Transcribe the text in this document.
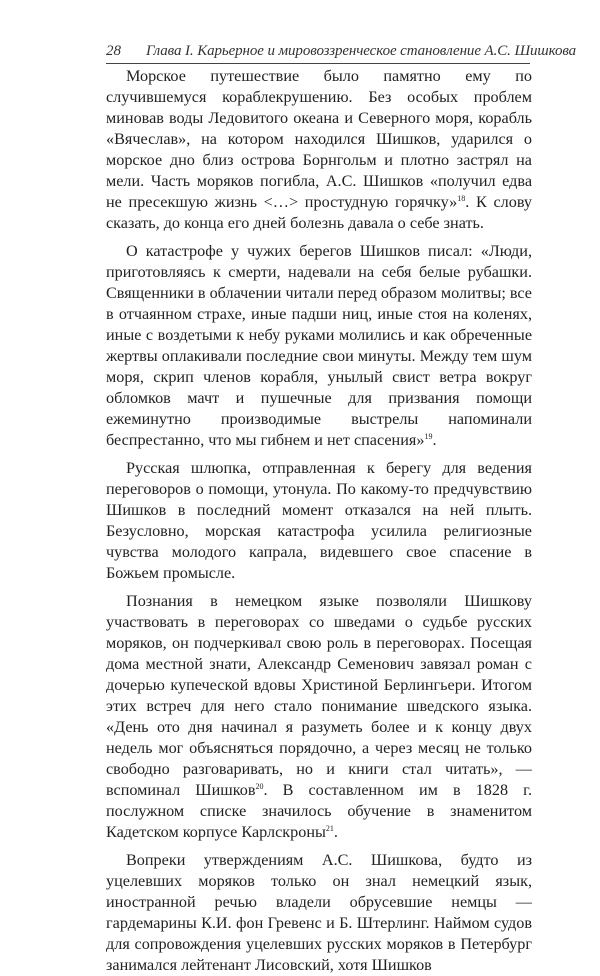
28 Глава I. Карьерное и мировоззренческое становление А.С. Шишкова

Морское путешествие было памятно ему по случившемуся кораблекрушению. Без особых проблем миновав воды Ледовитого океана и Северного моря, корабль «Вячеслав», на котором находился Шишков, ударился о морское дно близ острова Борнгольм и плотно застрял на мели. Часть моряков погибла, А.С. Шишков «получил едва не пресекшую жизнь <…> простудную горячку»$^{18}$. К слову сказать, до конца его дней болезнь давала о себе знать.

О катастрофе у чужих берегов Шишков писал: «Люди, приготовляясь к смерти, надевали на себя белые рубашки. Священники в облачении читали перед образом молитвы; все в отчаянном страхе, иные падши ниц, иные стоя на коленях, иные с воздетыми к небу руками молились и как обреченные жертвы оплакивали последние свои минуты. Между тем шум моря, скрип членов корабля, унылый свист ветра вокруг обломков мачт и пушечные для призвания помощи ежеминутно производимые выстрелы напоминали беспрестанно, что мы гибнем и нет спасения»$^{19}$.

Русская шлюпка, отправленная к берегу для ведения переговоров о помощи, утонула. По какому-то предчувствию Шишков в последний момент отказался на ней плыть. Безусловно, морская катастрофа усилила религиозные чувства молодого капрала, видевшего свое спасение в Божьем промысле.

Познания в немецком языке позволяли Шишкову участвовать в переговорах со шведами о судьбе русских моряков, он подчеркивал свою роль в переговорах. Посещая дома местной знати, Александр Семенович завязал роман с дочерью купеческой вдовы Христиной Берлингьери. Итогом этих встреч для него стало понимание шведского языка. «День ото дня начинал я разуметь более и к концу двух недель мог объясняться порядочно, а через месяц не только свободно разговаривать, но и книги стал читать», — вспоминал Шишков$^{20}$. В составленном им в 1828 г. послужном списке значилось обучение в знаменитом Кадетском корпусе Карлскроны$^{21}$.

Вопреки утверждениям А.С. Шишкова, будто из уцелевших моряков только он знал немецкий язык, иностранной речью владели обрусевшие немцы — гардемарины К.И. фон Гревенс и Б. Штерлинг. Наймом судов для сопровождения уцелевших русских моряков в Петербург занимался лейтенант Лисовский, хотя Шишков
